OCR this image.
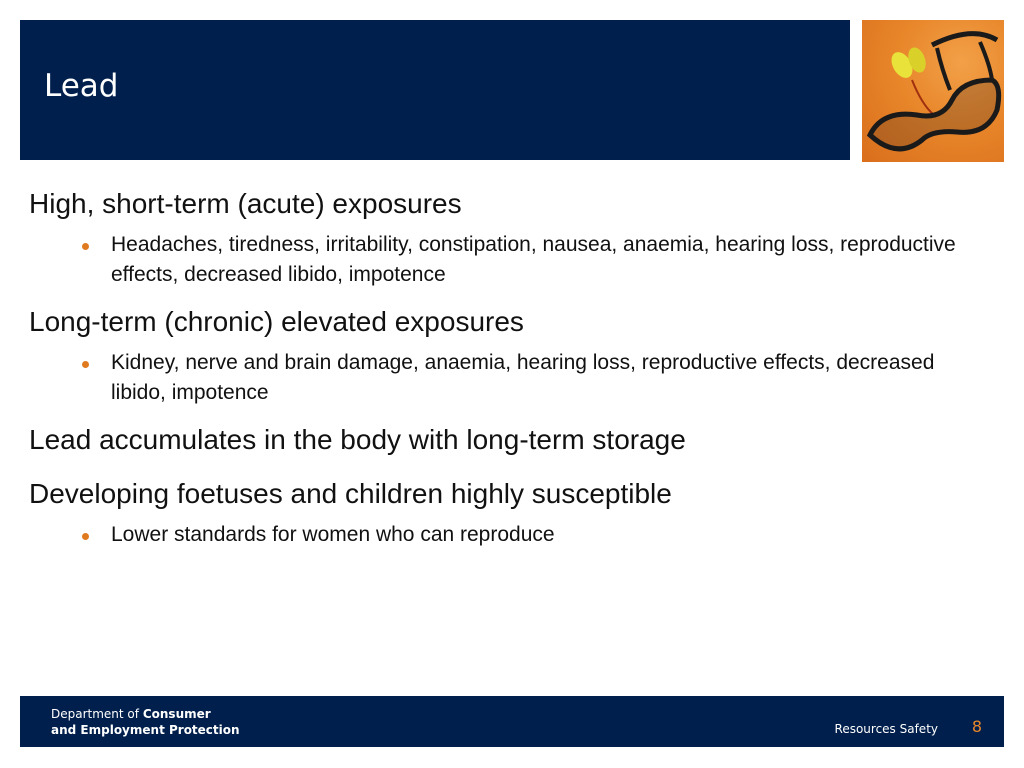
Lead
High, short-term (acute) exposures
Headaches, tiredness, irritability, constipation, nausea, anaemia, hearing loss, reproductive effects, decreased libido, impotence
Long-term (chronic) elevated exposures
Kidney, nerve and brain damage, anaemia, hearing loss, reproductive effects, decreased libido, impotence
Lead accumulates in the body with long-term storage
Developing foetuses and children highly susceptible
Lower standards for women who can reproduce
Department of Consumer
and Employment Protection	Resources Safety 8
